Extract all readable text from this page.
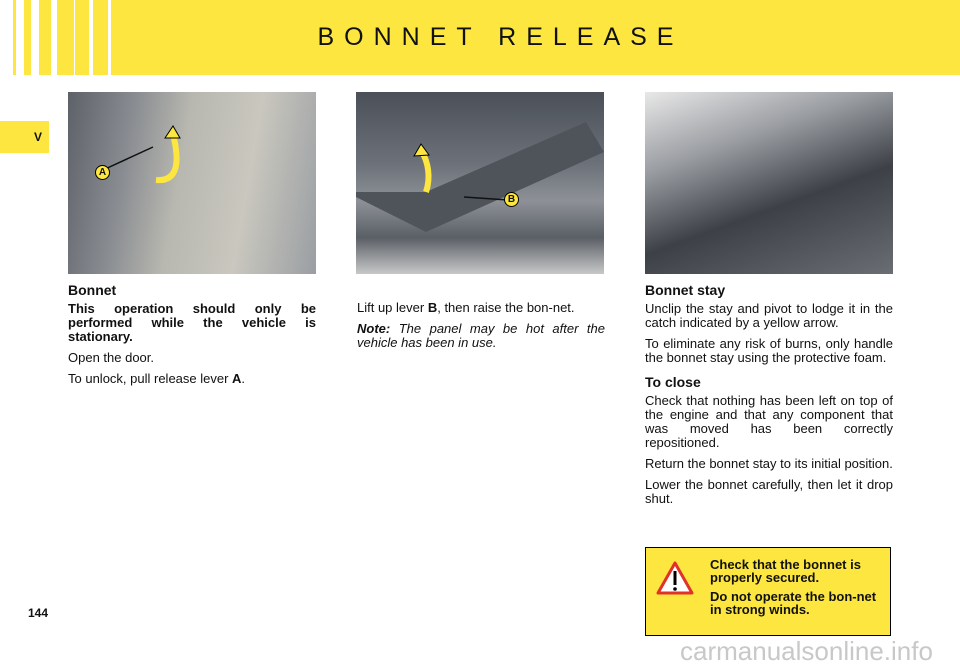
BONNET RELEASE
V
A
B
Bonnet

This operation should only be performed while the vehicle is stationary.

Open the door.

To unlock, pull release lever A.

Lift up lever B, then raise the bon-net.

Note: The panel may be hot after the vehicle has been in use.

Bonnet stay

Unclip the stay and pivot to lodge it in the catch indicated by a yellow arrow.

To eliminate any risk of burns, only handle the bonnet stay using the protective foam.

To close

Check that nothing has been left on top of the engine and that any component that was moved has been correctly repositioned.

Return the bonnet stay to its initial position.

Lower the bonnet carefully, then let it drop shut.

Check that the bonnet is properly secured.

Do not operate the bon-net in strong winds.

144
carmanualsonline.info
